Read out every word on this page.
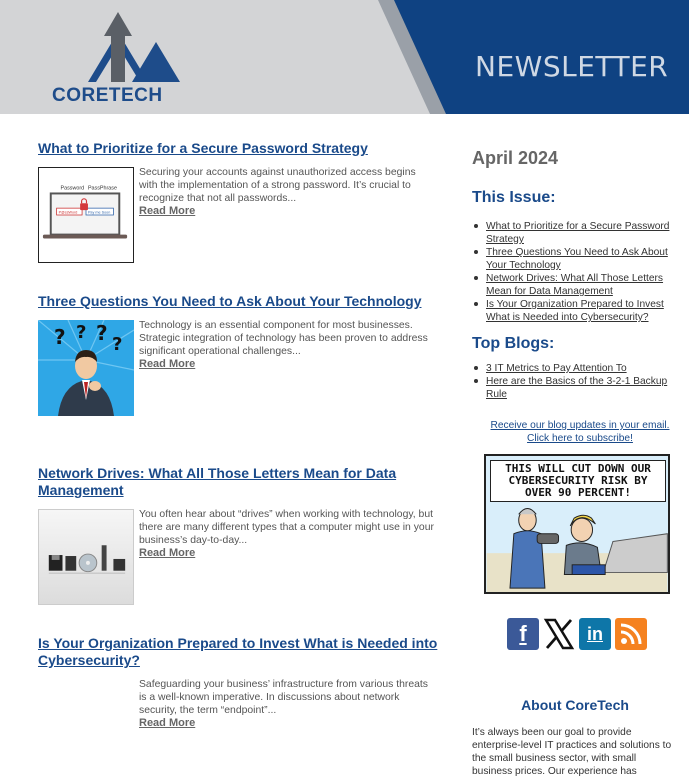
CORETECH
NEWSLETTER
What to Prioritize for a Secure Password Strategy
Password PassPhrase
P@ssWord	Pay me Soon
Securing your accounts against unauthorized access begins with the implementation of a strong password. It’s crucial to recognize that not all passwords...
Read More
Three Questions You Need to Ask About Your Technology
? ? ? ?
Technology is an essential component for most businesses. Strategic integration of technology has been proven to address significant operational challenges...
Read More
Network Drives: What All Those Letters Mean for Data Management
You often hear about “drives” when working with technology, but there are many different types that a computer might use in your business’s day-to-day...
Read More
Is Your Organization Prepared to Invest What is Needed into Cybersecurity?
Safeguarding your business’ infrastructure from various threats is a well-known imperative. In discussions about network security, the term “endpoint”...
Read More
April 2024
This Issue:
What to Prioritize for a Secure Password Strategy
Three Questions You Need to Ask About Your Technology
Network Drives: What All Those Letters Mean for Data Management
Is Your Organization Prepared to Invest What is Needed into Cybersecurity?
Top Blogs:
3 IT Metrics to Pay Attention To
Here are the Basics of the 3-2-1 Backup Rule
Receive our blog updates in your email.
Click here to subscribe!
THIS WILL CUT DOWN OUR CYBERSECURITY RISK BY OVER 90 PERCENT!
f	in
About CoreTech
It’s always been our goal to provide enterprise-level IT practices and solutions to the small business sector, with small business prices. Our experience has
